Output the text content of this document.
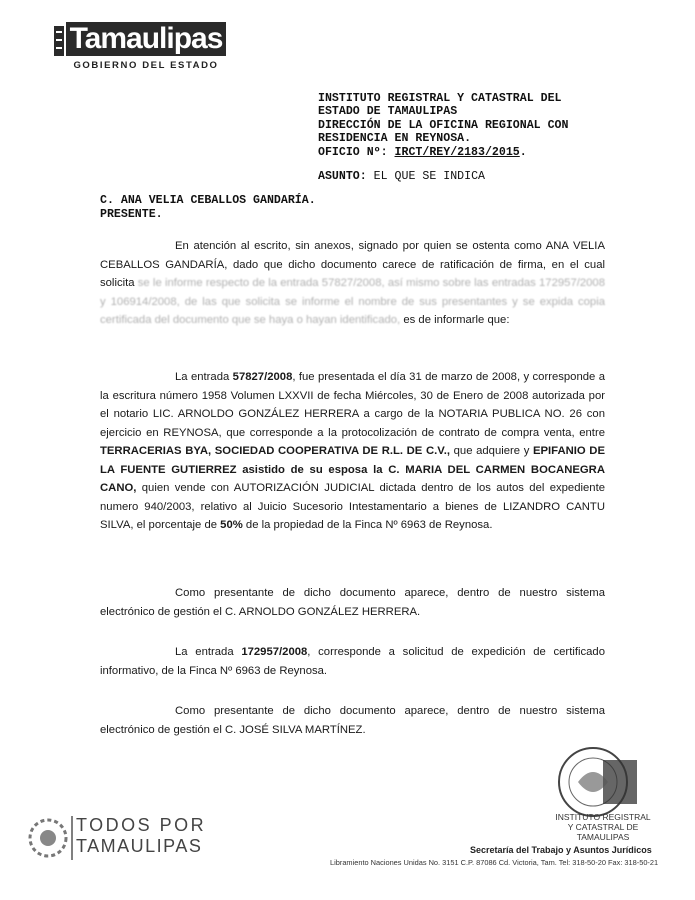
Tamaulipas
GOBIERNO DEL ESTADO
INSTITUTO REGISTRAL Y CATASTRAL DEL
ESTADO DE TAMAULIPAS
DIRECCIÓN DE LA OFICINA REGIONAL CON
RESIDENCIA EN REYNOSA.
OFICIO Nº: IRCT/REY/2183/2015.
ASUNTO: EL QUE SE INDICA
C. ANA VELIA CEBALLOS GANDARÍA.
PRESENTE.
En atención al escrito, sin anexos, signado por quien se ostenta como ANA VELIA CEBALLOS GANDARÍA, dado que dicho documento carece de ratificación de firma, en el cual solicita se le informe respecto de la entrada 57827/2008, así mismo sobre las entradas 172957/2008 y 106914/2008, de las que solicita se informe el nombre de sus presentantes y se expida copia certificada del documento que se haya o hayan identificado, es de informarle que:
La entrada 57827/2008, fue presentada el día 31 de marzo de 2008, y corresponde a la escritura número 1958 Volumen LXXVII de fecha Miércoles, 30 de Enero de 2008 autorizada por el notario LIC. ARNOLDO GONZÁLEZ HERRERA a cargo de la NOTARIA PUBLICA NO. 26 con ejercicio en REYNOSA, que corresponde a la protocolización de contrato de compra venta, entre TERRACERIAS BYA, SOCIEDAD COOPERATIVA DE R.L. DE C.V., que adquiere y EPIFANIO DE LA FUENTE GUTIERREZ asistido de su esposa la C. MARIA DEL CARMEN BOCANEGRA CANO, quien vende con AUTORIZACIÓN JUDICIAL dictada dentro de los autos del expediente numero 940/2003, relativo al Juicio Sucesorio Intestamentario a bienes de LIZANDRO CANTU SILVA, el porcentaje de 50% de la propiedad de la Finca Nº 6963 de Reynosa.
Como presentante de dicho documento aparece, dentro de nuestro sistema electrónico de gestión el C. ARNOLDO GONZÁLEZ HERRERA.
La entrada 172957/2008, corresponde a solicitud de expedición de certificado informativo, de la Finca Nº 6963 de Reynosa.
Como presentante de dicho documento aparece, dentro de nuestro sistema electrónico de gestión el C. JOSÉ SILVA MARTÍNEZ.
INSTITUTO REGISTRAL
Y CATASTRAL DE
TAMAULIPAS
TODOS POR
TAMAULIPAS	Secretaría del Trabajo y Asuntos Jurídicos
Libramiento Naciones Unidas No. 3151 C.P. 87086 Cd. Victoria, Tam. Tel: 318-50-20 Fax: 318-50-21
